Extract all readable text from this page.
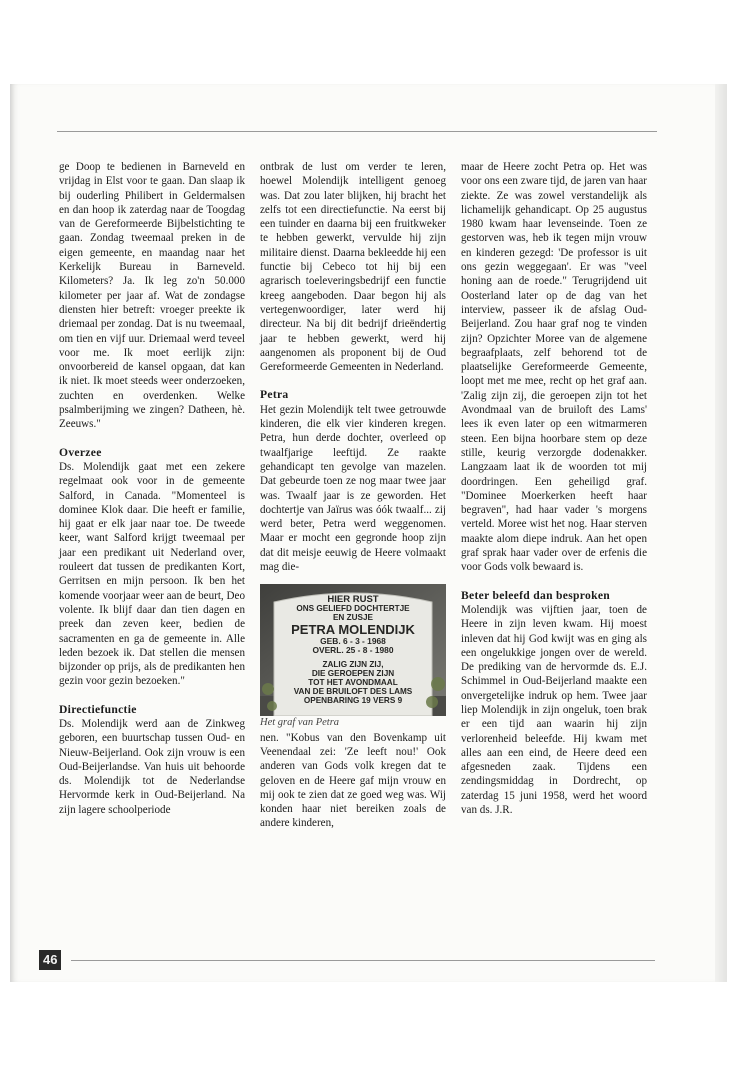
ge Doop te bedienen in Barneveld en vrijdag in Elst voor te gaan. Dan slaap ik bij ouderling Philibert in Geldermalsen en dan hoop ik zaterdag naar de Toogdag van de Gereformeerde Bijbelstichting te gaan. Zondag tweemaal preken in de eigen gemeente, en maandag naar het Kerkelijk Bureau in Barneveld. Kilometers? Ja. Ik leg zo'n 50.000 kilometer per jaar af. Wat de zondagse diensten hier betreft: vroeger preekte ik driemaal per zondag. Dat is nu tweemaal, om tien en vijf uur. Driemaal werd teveel voor me. Ik moet eerlijk zijn: onvoorbereid de kansel opgaan, dat kan ik niet. Ik moet steeds weer onderzoeken, zuchten en overdenken. Welke psalmberijming we zingen? Datheen, hè. Zeeuws."

Overzee

Ds. Molendijk gaat met een zekere regelmaat ook voor in de gemeente Salford, in Canada. "Momenteel is dominee Klok daar. Die heeft er familie, hij gaat er elk jaar naar toe. De tweede keer, want Salford krijgt tweemaal per jaar een predikant uit Nederland over, rouleert dat tussen de predikanten Kort, Gerritsen en mijn persoon. Ik ben het komende voorjaar weer aan de beurt, Deo volente. Ik blijf daar dan tien dagen en preek dan zeven keer, bedien de sacramenten en ga de gemeente in. Alle leden bezoek ik. Dat stellen die mensen bijzonder op prijs, als de predikanten hen gezin voor gezin bezoeken."

Directiefunctie

Ds. Molendijk werd aan de Zinkweg geboren, een buurtschap tussen Oud- en Nieuw-Beijerland. Ook zijn vrouw is een Oud-Beijerlandse. Van huis uit behoorde ds. Molendijk tot de Nederlandse Hervormde kerk in Oud-Beijerland. Na zijn lagere schoolperiode

ontbrak de lust om verder te leren, hoewel Molendijk intelligent genoeg was. Dat zou later blijken, hij bracht het zelfs tot een directiefunctie. Na eerst bij een tuinder en daarna bij een fruitkweker te hebben gewerkt, vervulde hij zijn militaire dienst. Daarna bekleedde hij een functie bij Cebeco tot hij bij een agrarisch toeleveringsbedrijf een functie kreeg aangeboden. Daar begon hij als vertegenwoordiger, later werd hij directeur. Na bij dit bedrijf drieëndertig jaar te hebben gewerkt, werd hij aangenomen als proponent bij de Oud Gereformeerde Gemeenten in Nederland.

Petra

Het gezin Molendijk telt twee getrouwde kinderen, die elk vier kinderen kregen. Petra, hun derde dochter, overleed op twaalfjarige leeftijd. Ze raakte gehandicapt ten gevolge van mazelen. Dat gebeurde toen ze nog maar twee jaar was. Twaalf jaar is ze geworden. Het dochtertje van Jaïrus was óók twaalf... zij werd beter, Petra werd weggenomen. Maar er mocht een gegronde hoop zijn dat dit meisje eeuwig de Heere volmaakt mag die-

HIER RUST
ONS GELIEFD DOCHTERTJE
EN ZUSJE
PETRA MOLENDIJK
GEB. 6 - 3 - 1968
OVERL. 25 - 8 - 1980
ZALIG ZIJN ZIJ,
DIE GEROEPEN ZIJN
TOT HET AVONDMAAL
VAN DE BRUILOFT DES LAMS
OPENBARING 19 VERS 9

Het graf van Petra

nen. "Kobus van den Bovenkamp uit Veenendaal zei: 'Ze leeft nou!' Ook anderen van Gods volk kregen dat te geloven en de Heere gaf mijn vrouw en mij ook te zien dat ze goed weg was. Wij konden haar niet bereiken zoals de andere kinderen,

maar de Heere zocht Petra op. Het was voor ons een zware tijd, de jaren van haar ziekte. Ze was zowel verstandelijk als lichamelijk gehandicapt. Op 25 augustus 1980 kwam haar levenseinde. Toen ze gestorven was, heb ik tegen mijn vrouw en kinderen gezegd: 'De professor is uit ons gezin weggegaan'. Er was "veel honing aan de roede." Terugrijdend uit Oosterland later op de dag van het interview, passeer ik de afslag Oud-Beijerland. Zou haar graf nog te vinden zijn? Opzichter Moree van de algemene begraafplaats, zelf behorend tot de plaatselijke Gereformeerde Gemeente, loopt met me mee, recht op het graf aan. 'Zalig zijn zij, die geroepen zijn tot het Avondmaal van de bruiloft des Lams' lees ik even later op een witmarmeren steen. Een bijna hoorbare stem op deze stille, keurig verzorgde dodenakker. Langzaam laat ik de woorden tot mij doordringen. Een geheiligd graf. "Dominee Moerkerken heeft haar begraven", had haar vader 's morgens verteld. Moree wist het nog. Haar sterven maakte alom diepe indruk. Aan het open graf sprak haar vader over de erfenis die voor Gods volk bewaard is.

Beter beleefd dan besproken

Molendijk was vijftien jaar, toen de Heere in zijn leven kwam. Hij moest inleven dat hij God kwijt was en ging als een ongelukkige jongen over de wereld. De prediking van de hervormde ds. E.J. Schimmel in Oud-Beijerland maakte een onvergetelijke indruk op hem. Twee jaar liep Molendijk in zijn ongeluk, toen brak er een tijd aan waarin hij zijn verlorenheid beleefde. Hij kwam met alles aan een eind, de Heere deed een afgesneden zaak. Tijdens een zendingsmiddag in Dordrecht, op zaterdag 15 juni 1958, werd het woord van ds. J.R.

46
